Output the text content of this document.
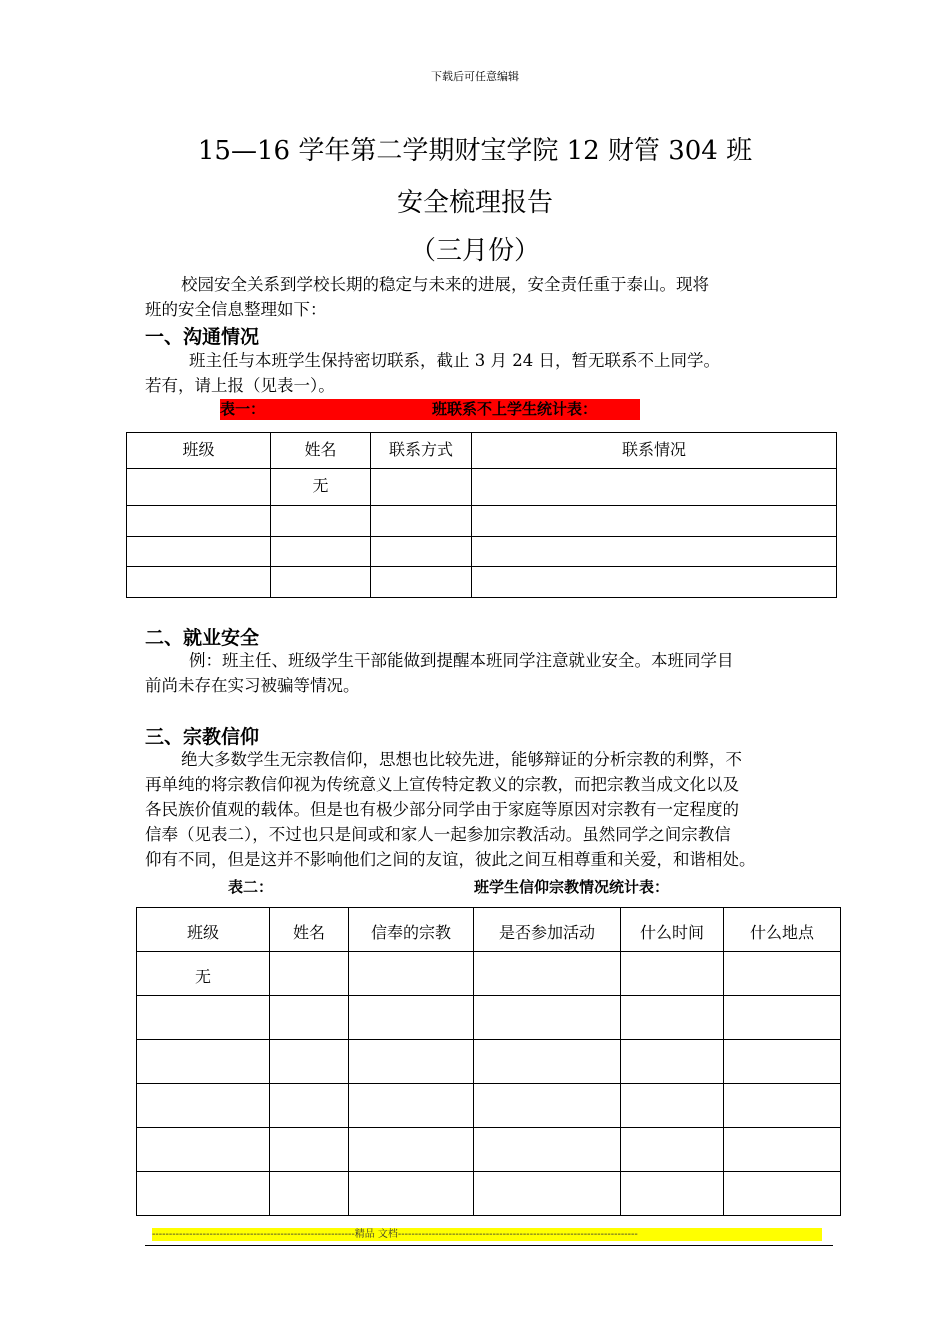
下载后可任意编辑
15—16 学年第二学期财宝学院 12 财管 304 班
安全梳理报告
（三月份）
校园安全关系到学校长期的稳定与未来的进展，安全责任重于泰山。现将
班的安全信息整理如下：
一、沟通情况
班主任与本班学生保持密切联系，截止 3 月 24 日，暂无联系不上同学。
若有，请上报（见表一）。
表一：	班联系不上学生统计表：
班级	姓名	联系方式	联系情况
	无		

二、就业安全
例：班主任、班级学生干部能做到提醒本班同学注意就业安全。本班同学目
前尚未存在实习被骗等情况。
三、宗教信仰
绝大多数学生无宗教信仰，思想也比较先进，能够辩证的分析宗教的利弊，不
再单纯的将宗教信仰视为传统意义上宣传特定教义的宗教，而把宗教当成文化以及
各民族价值观的载体。但是也有极少部分同学由于家庭等原因对宗教有一定程度的
信奉（见表二），不过也只是间或和家人一起参加宗教活动。虽然同学之间宗教信
仰有不同，但是这并不影响他们之间的友谊，彼此之间互相尊重和关爱，和谐相处。
表二：	班学生信仰宗教情况统计表：
班级	姓名	信奉的宗教	是否参加活动	什么时间	什么地点
无					

------------------------------------------------------------精品 文档-----------------------------------------------------------------------
